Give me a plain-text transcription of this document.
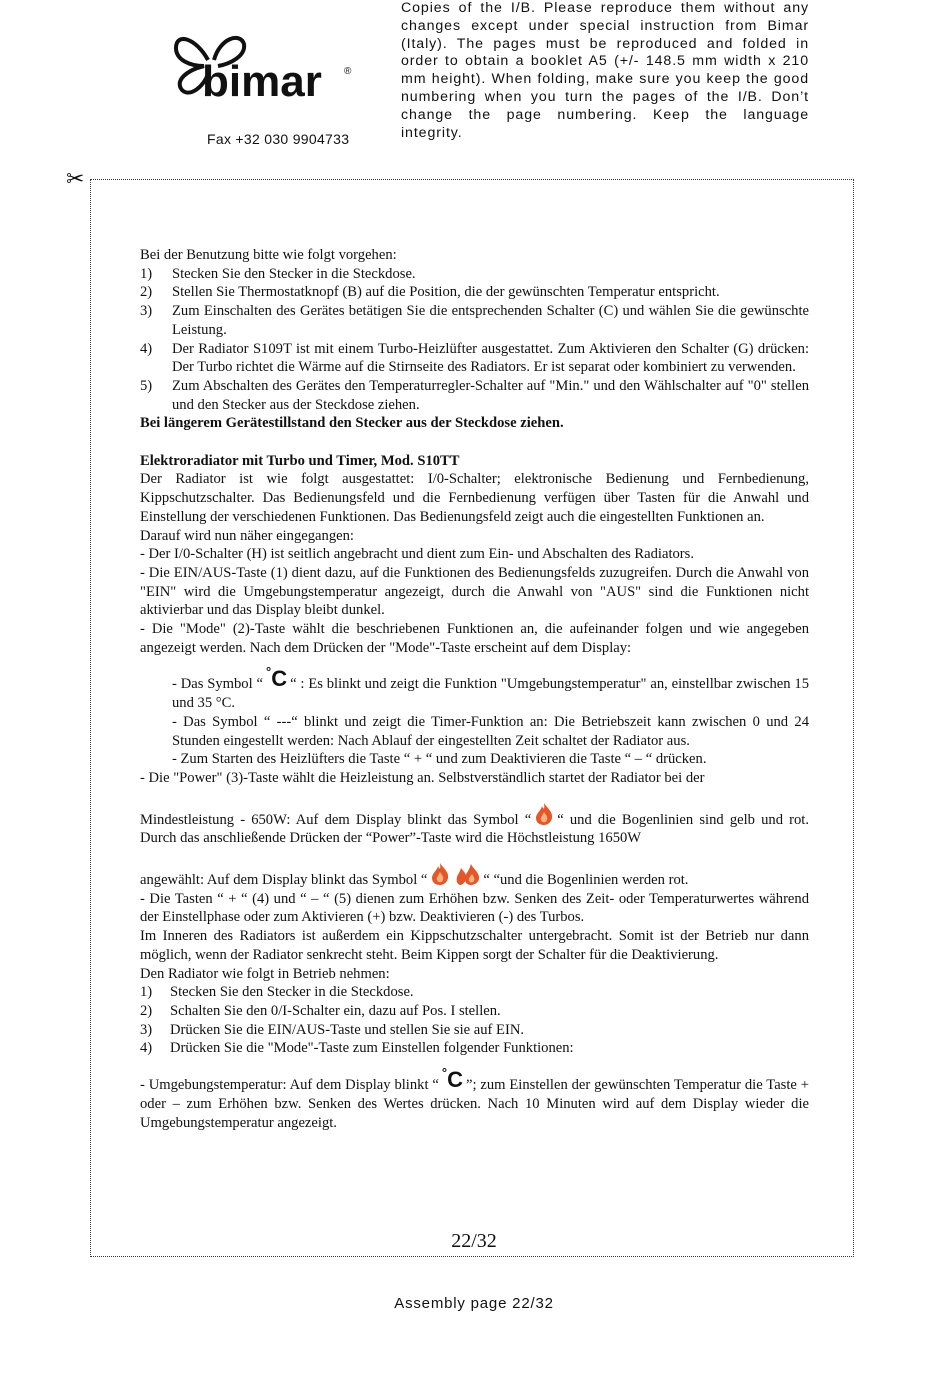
bimar ®
Fax +32 030 9904733
Copies of the I/B. Please reproduce them without any changes except under special instruction from Bimar (Italy). The pages must be reproduced and folded in order to obtain a booklet A5 (+/- 148.5 mm width x 210 mm height). When folding, make sure you keep the good numbering when you turn the pages of the I/B. Don’t change the page numbering. Keep the language integrity.
✂

Bei der Benutzung bitte wie folgt vorgehen:

1) Stecken Sie den Stecker in die Steckdose.
2) Stellen Sie Thermostatknopf (B) auf die Position, die der gewünschten Temperatur entspricht.
3) Zum Einschalten des Gerätes betätigen Sie die entsprechenden Schalter (C) und wählen Sie die gewünschte Leistung.
4) Der Radiator S109T ist mit einem Turbo-Heizlüfter ausgestattet. Zum Aktivieren den Schalter (G) drücken: Der Turbo richtet die Wärme auf die Stirnseite des Radiators. Er ist separat oder kombiniert zu verwenden.
5) Zum Abschalten des Gerätes den Temperaturregler-Schalter auf "Min." und den Wählschalter auf "0" stellen und den Stecker aus der Steckdose ziehen.

Bei längerem Gerätestillstand den Stecker aus der Steckdose ziehen.

Elektroradiator mit Turbo und Timer, Mod. S10TT

Der Radiator ist wie folgt ausgestattet: I/0-Schalter; elektronische Bedienung und Fernbedienung, Kippschutzschalter. Das Bedienungsfeld und die Fernbedienung verfügen über Tasten für die Anwahl und Einstellung der verschiedenen Funktionen. Das Bedienungsfeld zeigt auch die eingestellten Funktionen an.

Darauf wird nun näher eingegangen:

- Der I/0-Schalter (H) ist seitlich angebracht und dient zum Ein- und Abschalten des Radiators.

- Die EIN/AUS-Taste (1) dient dazu, auf die Funktionen des Bedienungsfelds zuzugreifen. Durch die Anwahl von "EIN" wird die Umgebungstemperatur angezeigt, durch die Anwahl von "AUS" sind die Funktionen nicht aktivierbar und das Display bleibt dunkel.

- Die "Mode" (2)-Taste wählt die beschriebenen Funktionen an, die aufeinander folgen und wie angegeben angezeigt werden. Nach dem Drücken der "Mode"-Taste erscheint auf dem Display:

- Das Symbol “°C “ : Es blinkt und zeigt die Funktion "Umgebungstemperatur" an, einstellbar zwischen 15 und 35 °C.

- Das Symbol “ ---“ blinkt und zeigt die Timer-Funktion an: Die Betriebszeit kann zwischen 0 und 24 Stunden eingestellt werden: Nach Ablauf der eingestellten Zeit schaltet der Radiator aus.

- Zum Starten des Heizlüfters die Taste “ + “ und zum Deaktivieren die Taste “ – “ drücken.

- Die "Power" (3)-Taste wählt die Heizleistung an. Selbstverständlich startet der Radiator bei der

Mindestleistung - 650W: Auf dem Display blinkt das Symbol “ “ und die Bogenlinien sind gelb und rot. Durch das anschließende Drücken der “Power”-Taste wird die Höchstleistung 1650W

angewählt: Auf dem Display blinkt das Symbol “	“ “und die Bogenlinien werden rot.

- Die Tasten “ + “ (4) und “ – “ (5) dienen zum Erhöhen bzw. Senken des Zeit- oder Temperaturwertes während der Einstellphase oder zum Aktivieren (+) bzw. Deaktivieren (-) des Turbos.

Im Inneren des Radiators ist außerdem ein Kippschutzschalter untergebracht. Somit ist der Betrieb nur dann möglich, wenn der Radiator senkrecht steht. Beim Kippen sorgt der Schalter für die Deaktivierung.

Den Radiator wie folgt in Betrieb nehmen:

1) Stecken Sie den Stecker in die Steckdose.
2) Schalten Sie den 0/I-Schalter ein, dazu auf Pos. I stellen.
3) Drücken Sie die EIN/AUS-Taste und stellen Sie sie auf EIN.
4) Drücken Sie die "Mode"-Taste zum Einstellen folgender Funktionen:

- Umgebungstemperatur: Auf dem Display blinkt “°C ”; zum Einstellen der gewünschten Temperatur die Taste + oder – zum Erhöhen bzw. Senken des Wertes drücken. Nach 10 Minuten wird auf dem Display wieder die Umgebungstemperatur angezeigt.

22/32
Assembly page 22/32
